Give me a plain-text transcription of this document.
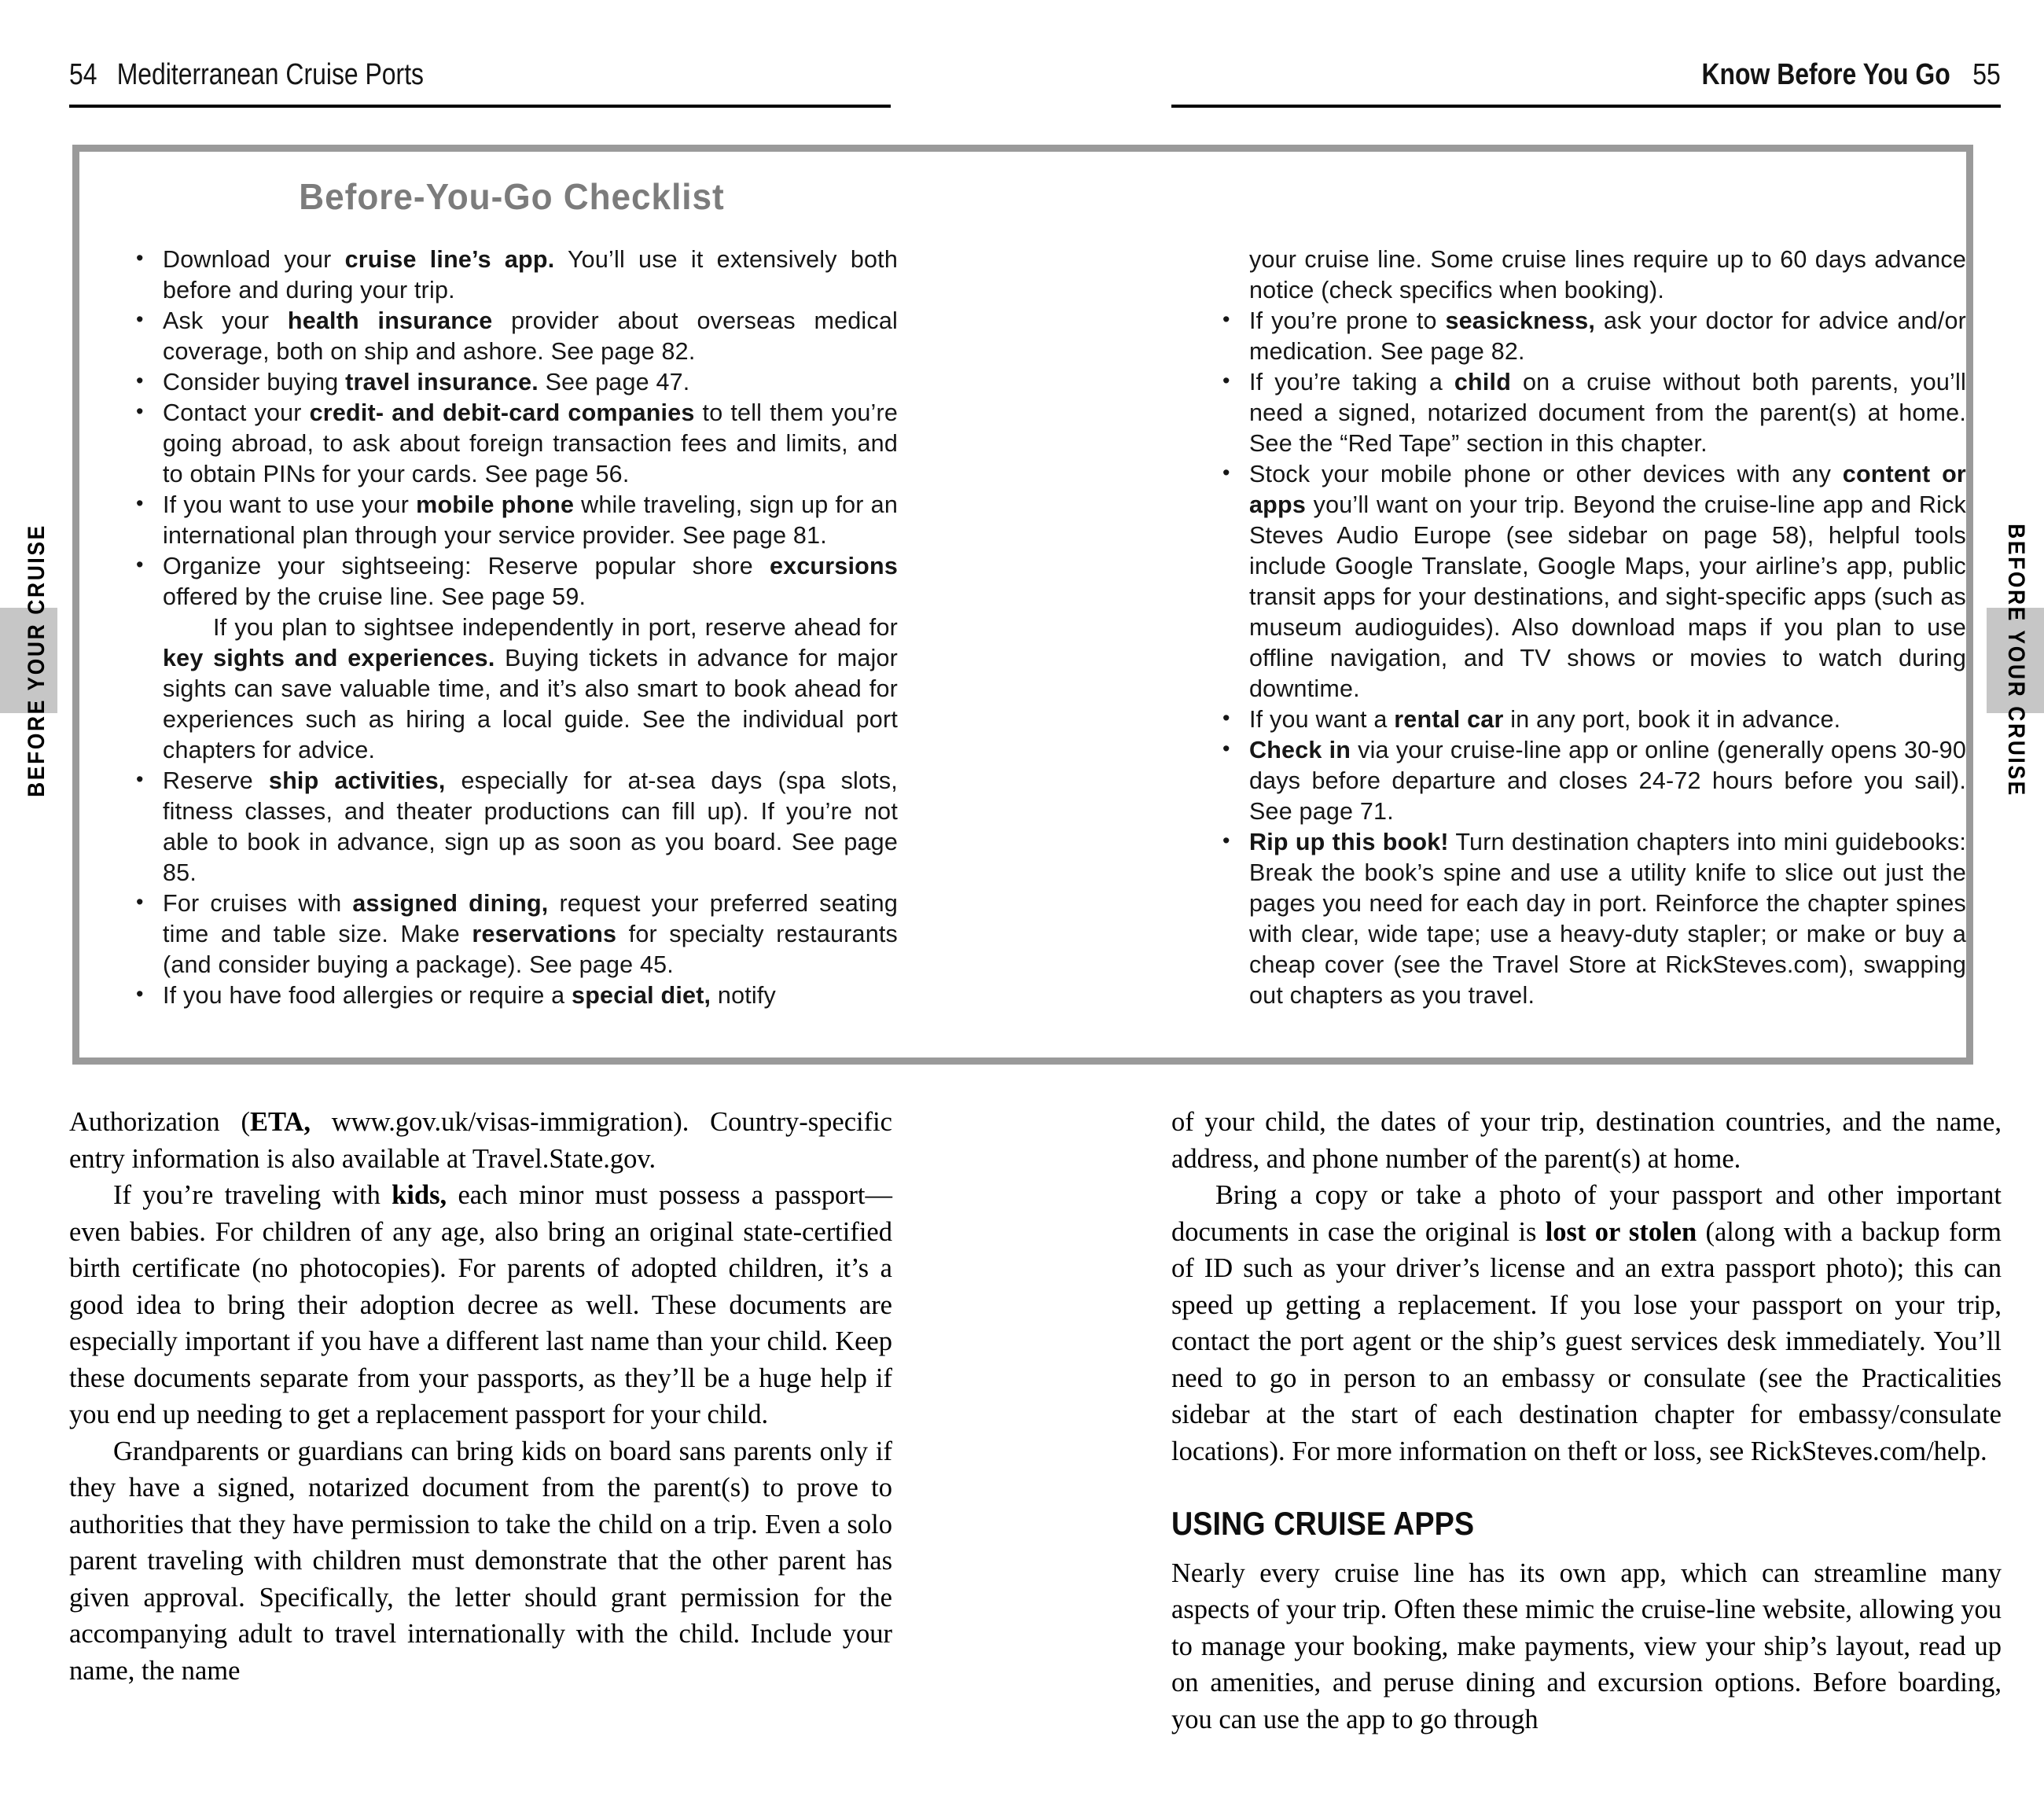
54 Mediterranean Cruise Ports	Know Before You Go 55
Before-You-Go Checklist
• Download your cruise line’s app. You’ll use it extensively both before and during your trip.
• Ask your health insurance provider about overseas medical coverage, both on ship and ashore. See page 82.
• Consider buying travel insurance. See page 47.
• Contact your credit- and debit-card companies to tell them you’re going abroad, to ask about foreign transaction fees and limits, and to obtain PINs for your cards. See page 56.
• If you want to use your mobile phone while traveling, sign up for an international plan through your service provider. See page 81.
• Organize your sightseeing: Reserve popular shore excursions offered by the cruise line. See page 59.
If you plan to sightsee independently in port, reserve ahead for key sights and experiences. Buying tickets in advance for major sights can save valuable time, and it’s also smart to book ahead for experiences such as hiring a local guide. See the individual port chapters for advice.
• Reserve ship activities, especially for at-sea days (spa slots, fitness classes, and theater productions can fill up). If you’re not able to book in advance, sign up as soon as you board. See page 85.
• For cruises with assigned dining, request your preferred seating time and table size. Make reservations for specialty restaurants (and consider buying a package). See page 45.
• If you have food allergies or require a special diet, notify
your cruise line. Some cruise lines require up to 60 days advance notice (check specifics when booking).
• If you’re prone to seasickness, ask your doctor for advice and/or medication. See page 82.
• If you’re taking a child on a cruise without both parents, you’ll need a signed, notarized document from the parent(s) at home. See the “Red Tape” section in this chapter.
• Stock your mobile phone or other devices with any content or apps you’ll want on your trip. Beyond the cruise-line app and Rick Steves Audio Europe (see sidebar on page 58), helpful tools include Google Translate, Google Maps, your airline’s app, public transit apps for your destinations, and sight-specific apps (such as museum audioguides). Also download maps if you plan to use offline navigation, and TV shows or movies to watch during downtime.
• If you want a rental car in any port, book it in advance.
• Check in via your cruise-line app or online (generally opens 30-90 days before departure and closes 24-72 hours before you sail). See page 71.
• Rip up this book! Turn destination chapters into mini guidebooks: Break the book’s spine and use a utility knife to slice out just the pages you need for each day in port. Reinforce the chapter spines with clear, wide tape; use a heavy-duty stapler; or make or buy a cheap cover (see the Travel Store at RickSteves.com), swapping out chapters as you travel.

Authorization (ETA, www.gov.uk/visas-immigration). Country-specific entry information is also available at Travel.State.gov.

If you’re traveling with kids, each minor must possess a passport—even babies. For children of any age, also bring an original state-certified birth certificate (no photocopies). For parents of adopted children, it’s a good idea to bring their adoption decree as well. These documents are especially important if you have a different last name than your child. Keep these documents separate from your passports, as they’ll be a huge help if you end up needing to get a replacement passport for your child.

Grandparents or guardians can bring kids on board sans parents only if they have a signed, notarized document from the parent(s) to prove to authorities that they have permission to take the child on a trip. Even a solo parent traveling with children must demonstrate that the other parent has given approval. Specifically, the letter should grant permission for the accompanying adult to travel internationally with the child. Include your name, the name

of your child, the dates of your trip, destination countries, and the name, address, and phone number of the parent(s) at home.

Bring a copy or take a photo of your passport and other important documents in case the original is lost or stolen (along with a backup form of ID such as your driver’s license and an extra passport photo); this can speed up getting a replacement. If you lose your passport on your trip, contact the port agent or the ship’s guest services desk immediately. You’ll need to go in person to an embassy or consulate (see the Practicalities sidebar at the start of each destination chapter for embassy/consulate locations). For more information on theft or loss, see RickSteves.com/help.

USING CRUISE APPS

Nearly every cruise line has its own app, which can streamline many aspects of your trip. Often these mimic the cruise-line website, allowing you to manage your booking, make payments, view your ship’s layout, read up on amenities, and peruse dining and excursion options. Before boarding, you can use the app to go through

BEFORE YOUR CRUISE	BEFORE YOUR CRUISE
